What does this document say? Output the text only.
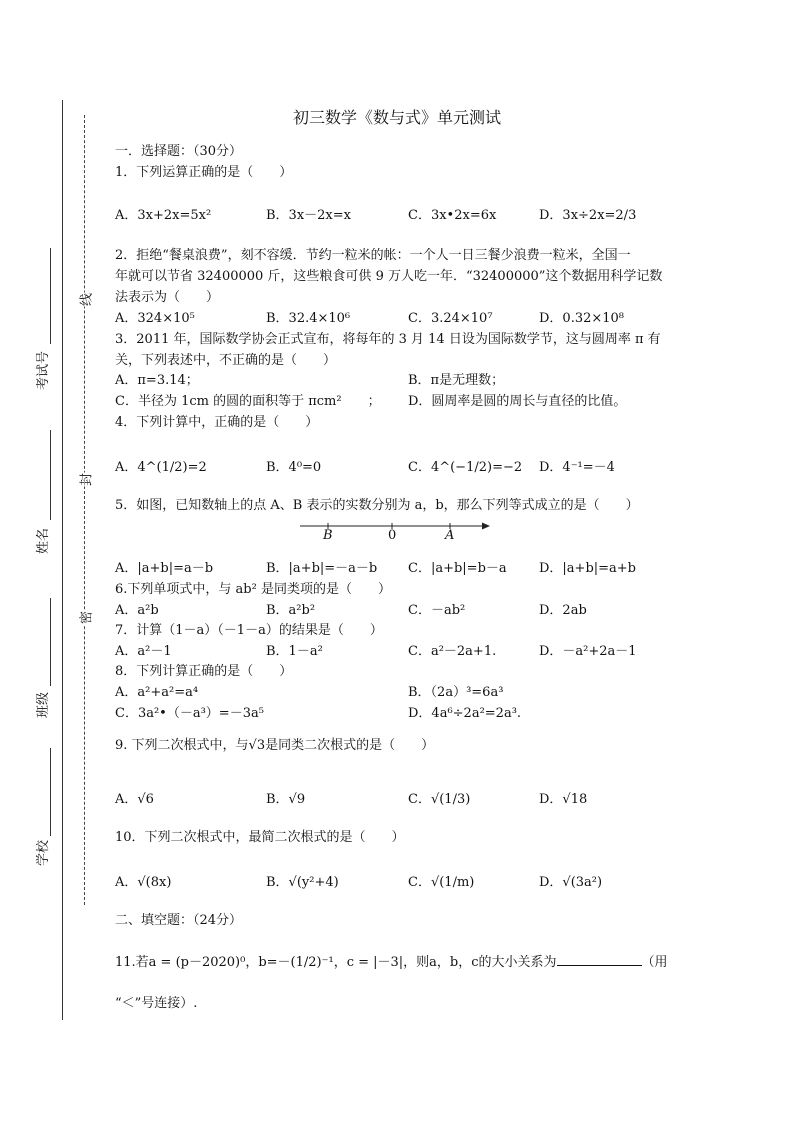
线
封
密
考试号
姓名
班级
学校
初三数学《数与式》单元测试
一．选择题：（30分）
1．下列运算正确的是（　　）
A．3x+2x=5x²	B．3x－2x=x	C．3x•2x=6x	D．3x÷2x=2/3
2．拒绝“餐桌浪费”，刻不容缓．节约一粒米的帐：一个人一日三餐少浪费一粒米，全国一
年就可以节省 32400000 斤，这些粮食可供 9 万人吃一年．“32400000”这个数据用科学记数
法表示为（　　）
A．324×10⁵	B．32.4×10⁶	C．3.24×10⁷	D．0.32×10⁸
3．2011 年，国际数学协会正式宣布，将每年的 3 月 14 日设为国际数学节，这与圆周率 π 有
关，下列表述中，不正确的是（　　）
A．π=3.14；	B．π是无理数；
C．半径为 1cm 的圆的面积等于 πcm²　　； D．圆周率是圆的周长与直径的比值。
4．下列计算中，正确的是（　　）
A．4^(1/2)=2	B．4⁰=0	C．4^(−1/2)=−2 D．4⁻¹=－4
5．如图，已知数轴上的点 A、B 表示的实数分别为 a，b，那么下列等式成立的是（　　）
B	0	A
A．|a+b|=a－b	B．|a+b|=－a－b C．|a+b|=b－a D．|a+b|=a+b
6.下列单项式中，与 ab² 是同类项的是（　　）
A．a²b	B．a²b²	C．－ab²	D．2ab
7．计算（1－a）（－1－a）的结果是（　　）
A．a²－1	B．1－a²	C．a²－2a+1.	D．－a²+2a－1
8．下列计算正确的是（　　）
A．a²+a²=a⁴	B．（2a）³=6a³
C．3a²•（－a³）=－3a⁵	D．4a⁶÷2a²=2a³.
9. 下列二次根式中，与√3是同类二次根式的是（　　）
A．√6	B．√9	C．√(1/3)	D．√18
10．下列二次根式中，最简二次根式的是（　　）
A．√(8x)	B．√(y²+4)	C．√(1/m)	D．√(3a²)
二、填空题：（24分）
11.若a = (p－2020)⁰，b=－(1/2)⁻¹，c = |－3|，则a，b，c的大小关系为	（用
“＜”号连接）.
